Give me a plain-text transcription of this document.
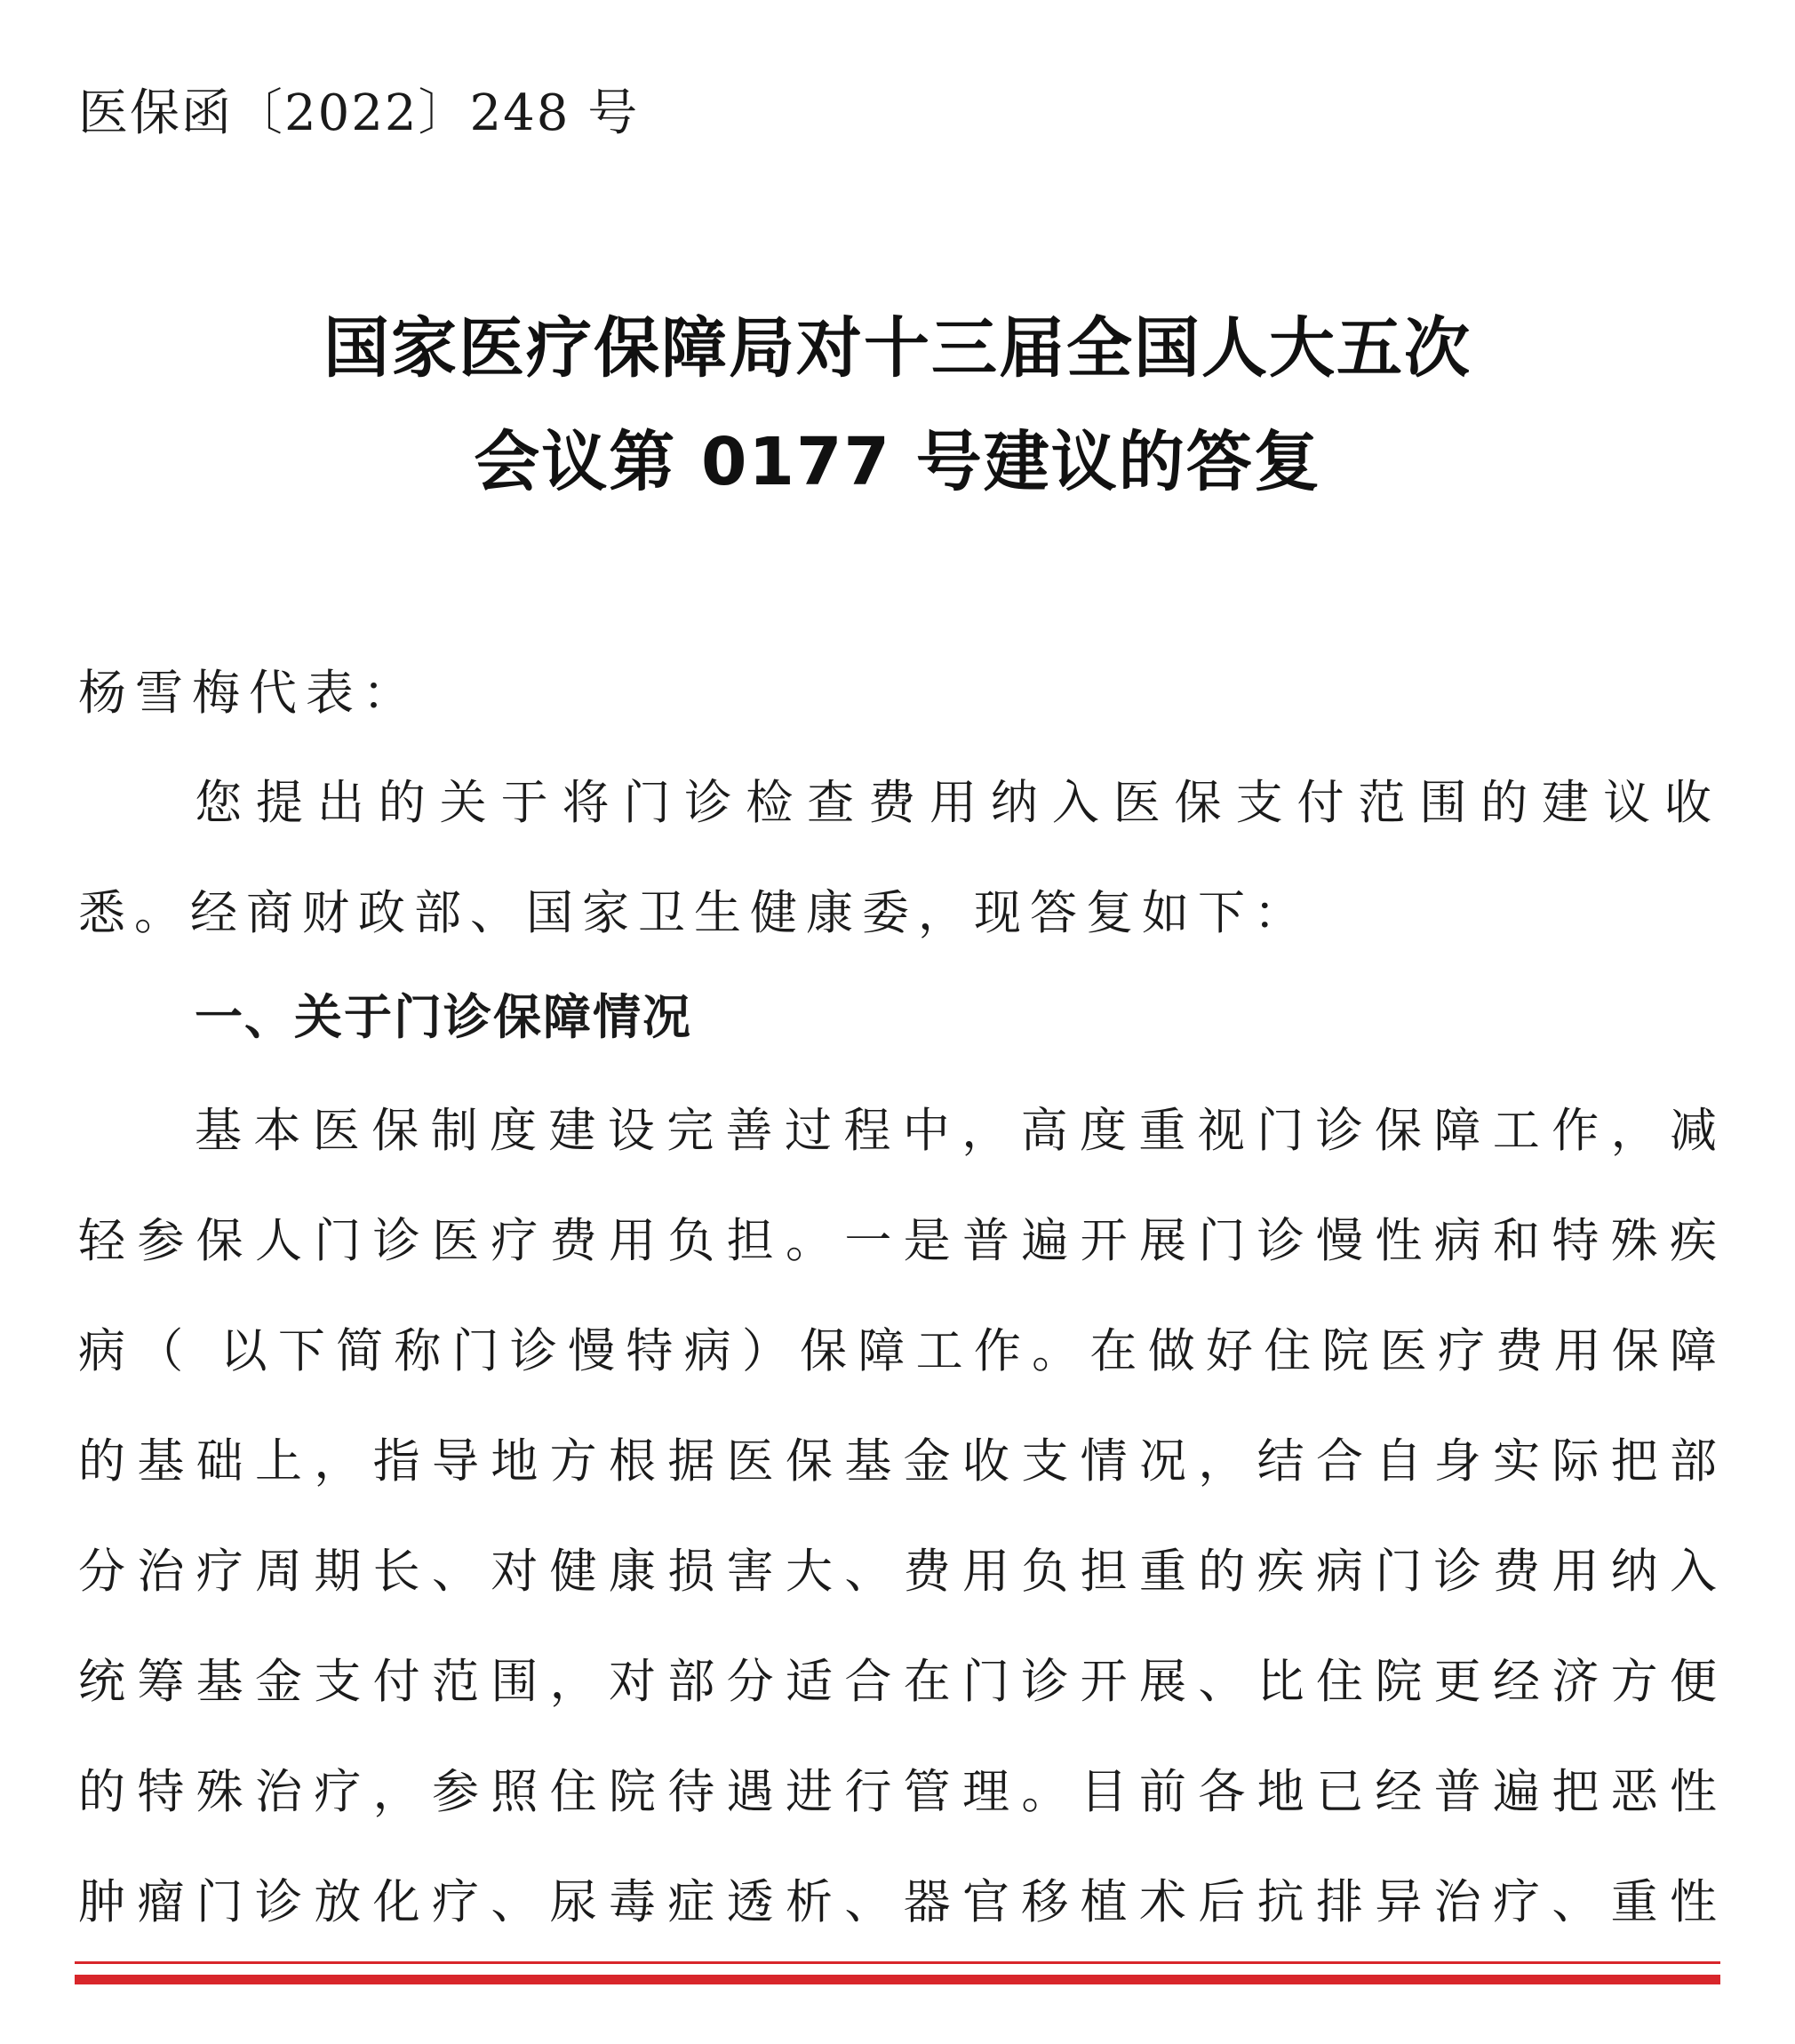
医保函〔2022〕248 号
国家医疗保障局对十三届全国人大五次
会议第 0177 号建议的答复
杨雪梅代表：
您提出的关于将门诊检查费用纳入医保支付范围的建议收
悉。经商财政部、国家卫生健康委，现答复如下：
一、关于门诊保障情况
基本医保制度建设完善过程中，高度重视门诊保障工作，减
轻参保人门诊医疗费用负担。一是普遍开展门诊慢性病和特殊疾
病（ 以下简称门诊慢特病）保障工作。在做好住院医疗费用保障
的基础上，指导地方根据医保基金收支情况，结合自身实际把部
分治疗周期长、对健康损害大、费用负担重的疾病门诊费用纳入
统筹基金支付范围，对部分适合在门诊开展、比住院更经济方便
的特殊治疗，参照住院待遇进行管理。目前各地已经普遍把恶性
肿瘤门诊放化疗、尿毒症透析、器官移植术后抗排异治疗、重性
